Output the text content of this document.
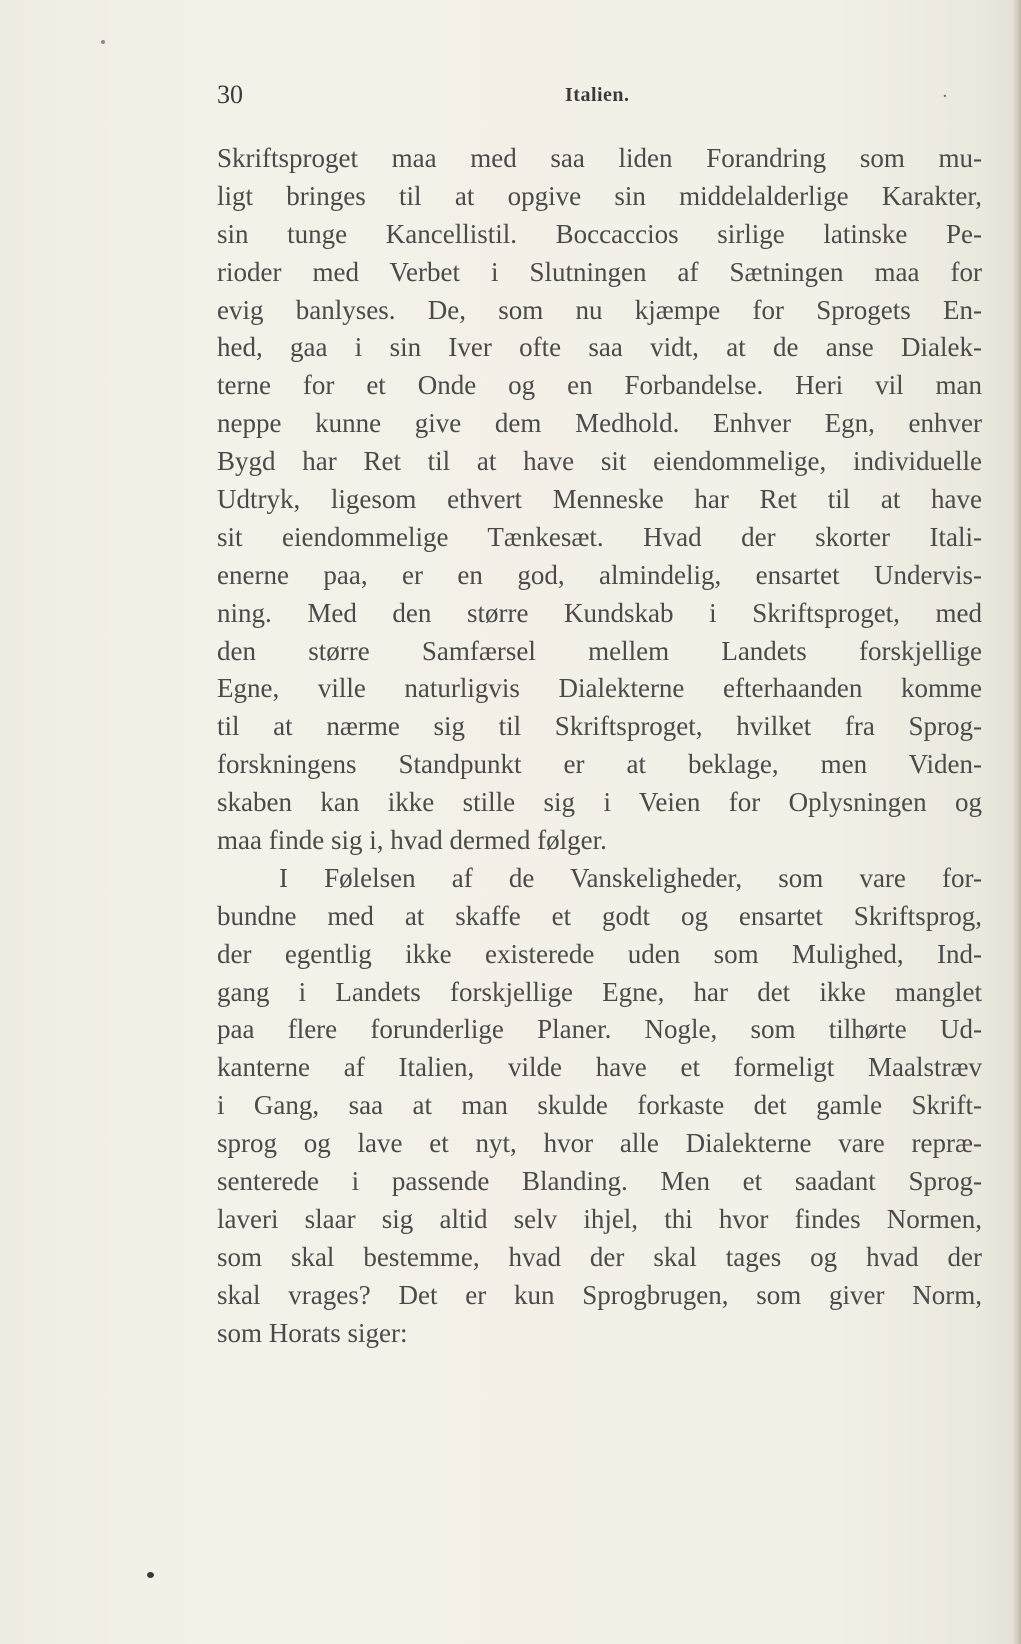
30	Italien.	·
Skriftsproget maa med saa liden Forandring som mu-
ligt bringes til at opgive sin middelalderlige Karakter,
sin tunge Kancellistil. Boccaccios sirlige latinske Pe-
rioder med Verbet i Slutningen af Sætningen maa for
evig banlyses. De, som nu kjæmpe for Sprogets En-
hed, gaa i sin Iver ofte saa vidt, at de anse Dialek-
terne for et Onde og en Forbandelse. Heri vil man
neppe kunne give dem Medhold. Enhver Egn, enhver
Bygd har Ret til at have sit eiendommelige, individuelle
Udtryk, ligesom ethvert Menneske har Ret til at have
sit eiendommelige Tænkesæt. Hvad der skorter Itali-
enerne paa, er en god, almindelig, ensartet Undervis-
ning. Med den større Kundskab i Skriftsproget, med
den større Samfærsel mellem Landets forskjellige
Egne, ville naturligvis Dialekterne efterhaanden komme
til at nærme sig til Skriftsproget, hvilket fra Sprog-
forskningens Standpunkt er at beklage, men Viden-
skaben kan ikke stille sig i Veien for Oplysningen og
maa finde sig i, hvad dermed følger.
I Følelsen af de Vanskeligheder, som vare for-
bundne med at skaffe et godt og ensartet Skriftsprog,
der egentlig ikke existerede uden som Mulighed, Ind-
gang i Landets forskjellige Egne, har det ikke manglet
paa flere forunderlige Planer. Nogle, som tilhørte Ud-
kanterne af Italien, vilde have et formeligt Maalstræv
i Gang, saa at man skulde forkaste det gamle Skrift-
sprog og lave et nyt, hvor alle Dialekterne vare repræ-
senterede i passende Blanding. Men et saadant Sprog-
laveri slaar sig altid selv ihjel, thi hvor findes Normen,
som skal bestemme, hvad der skal tages og hvad der
skal vrages? Det er kun Sprogbrugen, som giver Norm,
som Horats siger:
